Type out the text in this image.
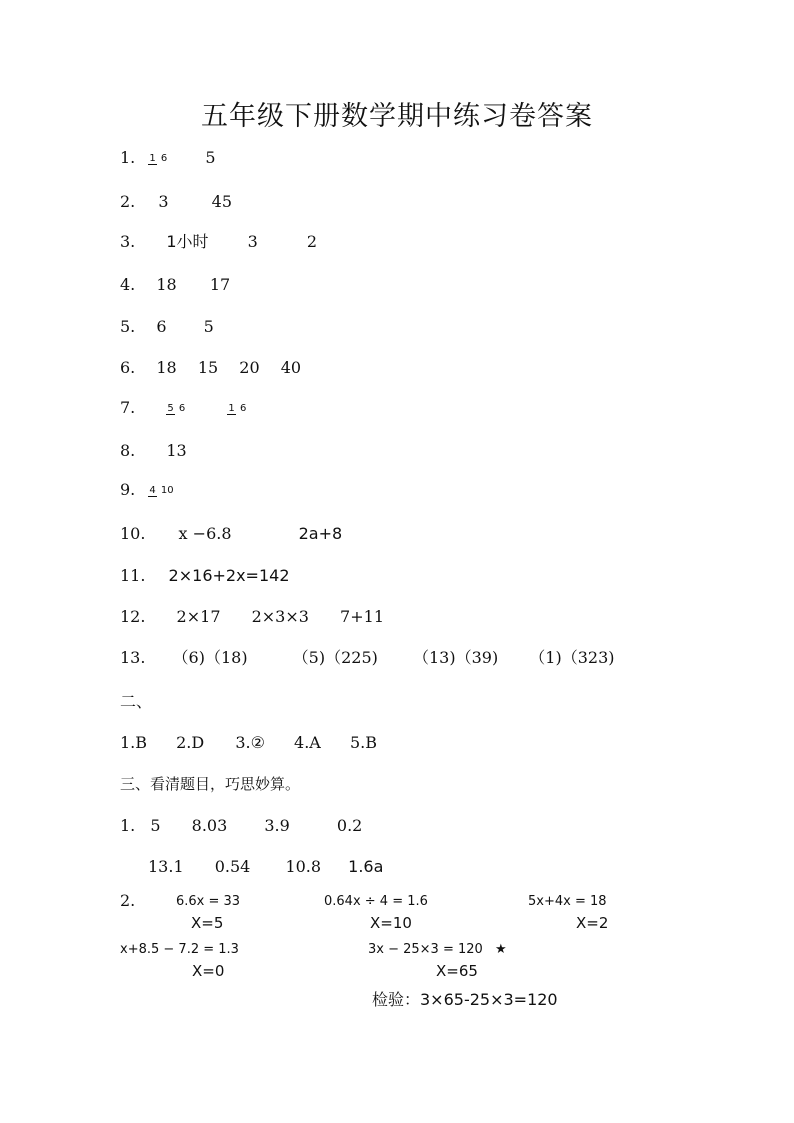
五年级下册数学期中练习卷答案
1. 1 6 5
2. 3	45
3. 1小时 3	2
4. 18 17
5. 6 5
6. 18 15 20 40
7.	5 6	1 6
8. 13
9. 4 10
10. x −6.8	2a+8
11. 2×16+2x=142
12. 2×17 2×3×3 7+11
13. （6)（18)	（5)（225) （13)（39) （1)（323)
二、
1.B 2.D 3.② 4.A 5.B
三、看清题目，巧思妙算。
1. 5 8.03 3.9	0.2
13.1 0.54 10.8 1.6a
2.	6.6x = 33
X=5
0.64x ÷ 4 = 1.6
X=10
5x+4x = 18
X=2
x+8.5 − 7.2 = 1.3
X=0
3x − 25×3 = 120 ★
X=65
检验：3×65-25×3=120
